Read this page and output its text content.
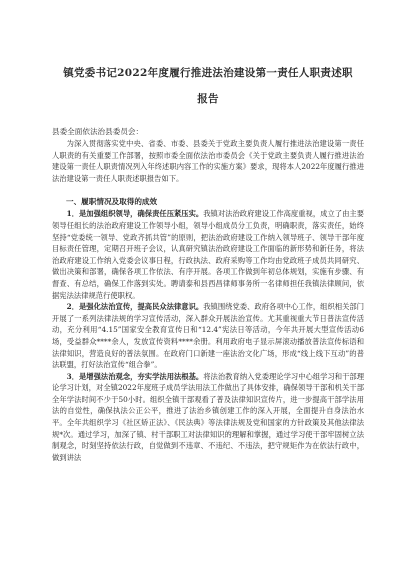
镇党委书记2022年度履行推进法治建设第一责任人职责述职
报告
县委全面依法治县委员会：

为深入贯彻落实党中央、省委、市委、县委关于党政主要负责人履行推进法治建设第一责任人职责的有关重要工作部署，按照市委全面依法治市委员会《关于党政主要负责人履行推进法治建设第一责任人职责情况列入年终述职内容工作的实施方案》要求，现将本人2022年度履行推进法治建设第一责任人职责述职报告如下。

一、履职情况及取得的成效

1．是加强组织领导，确保责任压紧压实。我镇对法治政府建设工作高度重视，成立了由主要领导任组长的法治政府建设工作领导小组，领导小组成员分工负责，明确职责，落实责任，始终坚持“党委统一领导、党政齐抓共管”的原则，把法治政府建设工作纳入领导班子、领导干部年度目标责任管理，定期召开班子会议，认真研究镇法治政府建设工作面临的新形势和新任务，将法治政府建设工作纳入党委会议事日程，行政执法、政府采购等工作均由党政班子成员共同研究、做出决策和部署，确保各项工作依法、有序开展。各项工作做到年初总体规划，实施有步骤、有督查、有总结，确保工作落到实处。聘请泰和县西昌律师事务所一名律师担任我镇法律顾问，依据宪法法律规范行使职权。

2．是强化法治宣传，提高民众法律意识。我镇围绕党委、政府各项中心工作，组织相关部门开展了一系列法律法规的学习宣传活动，深入群众开展法治宣传。尤其重视重大节日普法宣传活动，充分利用“4.15”国家安全教育宣传日和“12.4”宪法日等活动，今年共开展大型宣传活动6场，受益群众****余人，发放宣传资料****余册。利用政府电子显示屏滚动播放普法宣传标语和法律知识，营造良好的普法氛围。在政府门口新建一座法治文化广场，形成“线上线下互动”的普法联盟，打好法治宣传“组合拳”。

3．是增强法治观念，夯实学法用法根基。将法治教育纳入党委理论学习中心组学习和干部理论学习计划，对全镇2022年度班子成员学法用法工作做出了具体安排，确保领导干部和机关干部全年学法时间不少于50小时。组织全镇干部观看了普及法律知识宣传片，进一步提高干部学法用法的自觉性，确保执法公正公平，推进了法治乡镇创建工作的深入开展，全面提升自身法治水平。全年共组织学习《社区矫正法》、《民法典》等法律法规及党和国家的方针政策及其他法律法规*次。通过学习，加深了镇、村干部职工对法律知识的理解和掌握，通过学习使干部牢固树立法制观念，时刻坚持依法行政，自觉做到不违章、不违纪、不违法，把守规矩作为在依法行政中，做到讲法
